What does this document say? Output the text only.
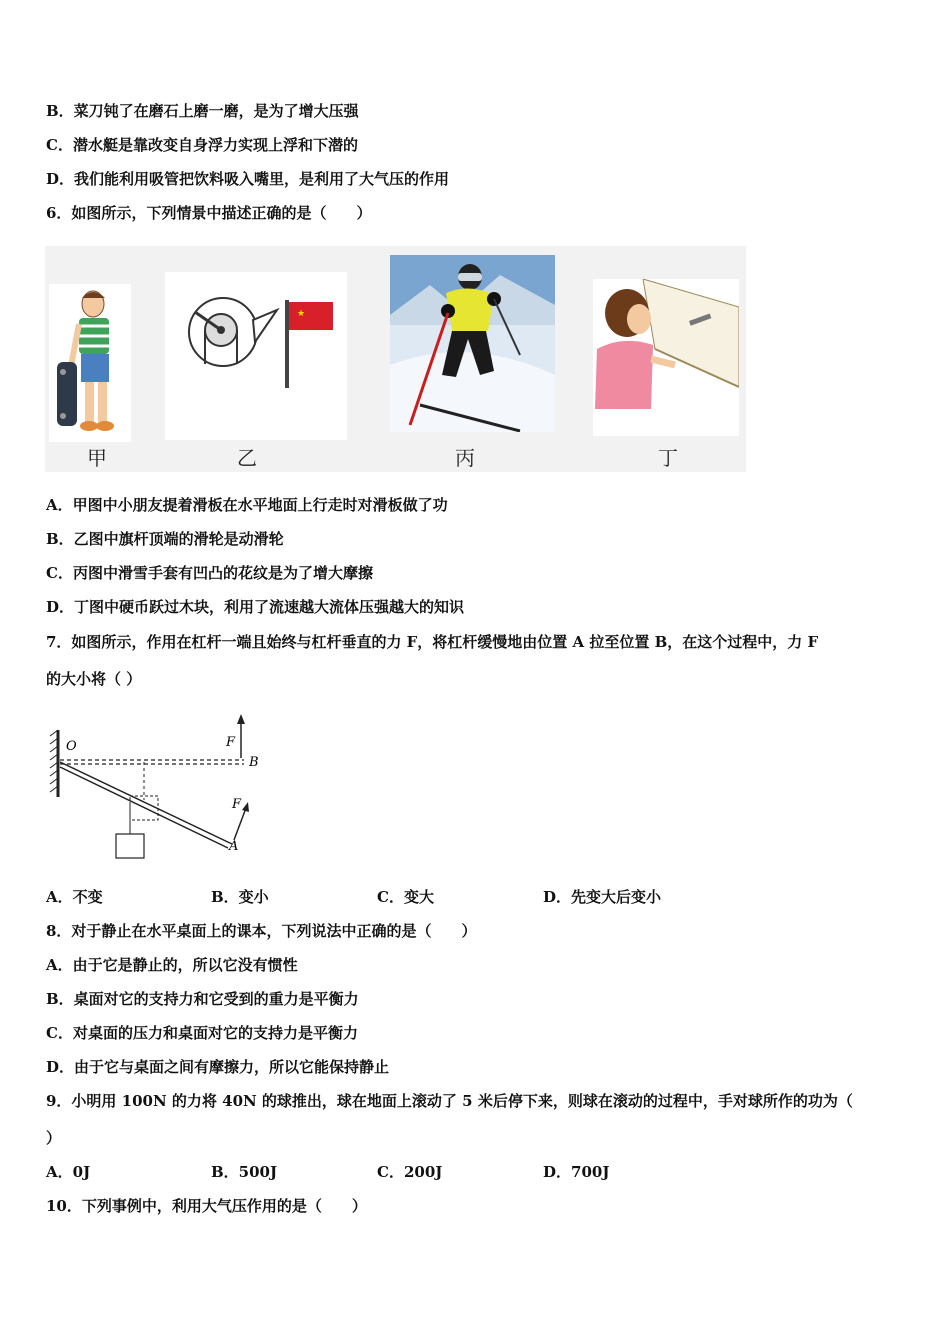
B．菜刀钝了在磨石上磨一磨，是为了增大压强
C．潜水艇是靠改变自身浮力实现上浮和下潜的
D．我们能利用吸管把饮料吸入嘴里，是利用了大气压的作用
6．如图所示，下列情景中描述正确的是（　　）
甲
★
乙	丙	丁
A．甲图中小朋友提着滑板在水平地面上行走时对滑板做了功
B．乙图中旗杆顶端的滑轮是动滑轮
C．丙图中滑雪手套有凹凸的花纹是为了增大摩擦
D．丁图中硬币跃过木块，利用了流速越大流体压强越大的知识
7．如图所示，作用在杠杆一端且始终与杠杆垂直的力 F，将杠杆缓慢地由位置 A 拉至位置 B，在这个过程中，力 F
的大小将（ ）
O
B
F
F
A
A．不变	B．变小	C．变大	D．先变大后变小
8．对于静止在水平桌面上的课本，下列说法中正确的是（　　）
A．由于它是静止的，所以它没有惯性
B．桌面对它的支持力和它受到的重力是平衡力
C．对桌面的压力和桌面对它的支持力是平衡力
D．由于它与桌面之间有摩擦力，所以它能保持静止
9．小明用 100N 的力将 40N 的球推出，球在地面上滚动了 5 米后停下来，则球在滚动的过程中，手对球所作的功为（
）
A．0J	B．500J	C．200J	D．700J
10．下列事例中，利用大气压作用的是（　　）
